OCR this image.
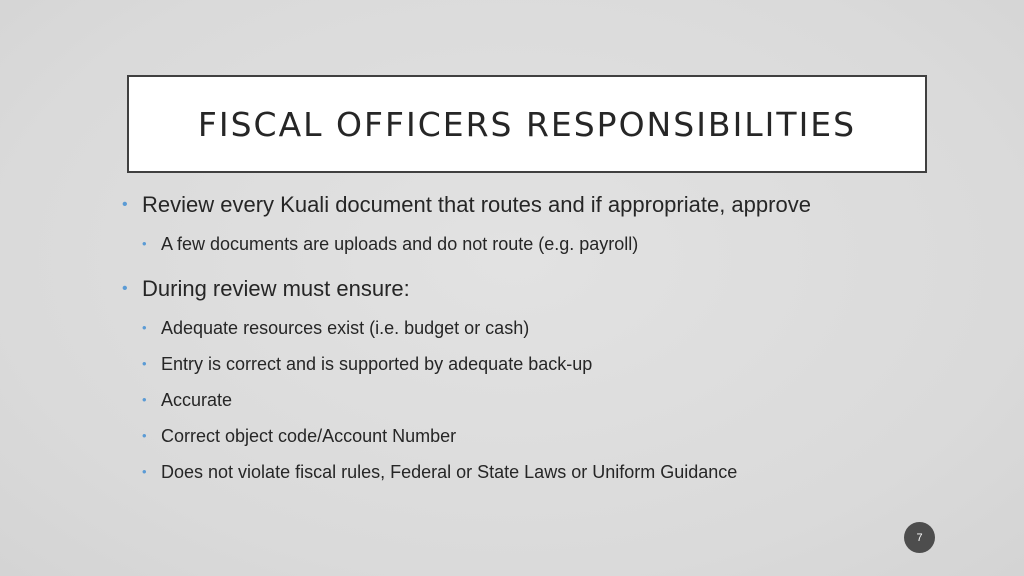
FISCAL OFFICERS RESPONSIBILITIES
• Review every Kuali document that routes and if appropriate, approve
• A few documents are uploads and do not route (e.g. payroll)
• During review must ensure:
• Adequate resources exist (i.e. budget or cash)
• Entry is correct and is supported by adequate back-up
• Accurate
• Correct object code/Account Number
• Does not violate fiscal rules, Federal or State Laws or Uniform Guidance
7
